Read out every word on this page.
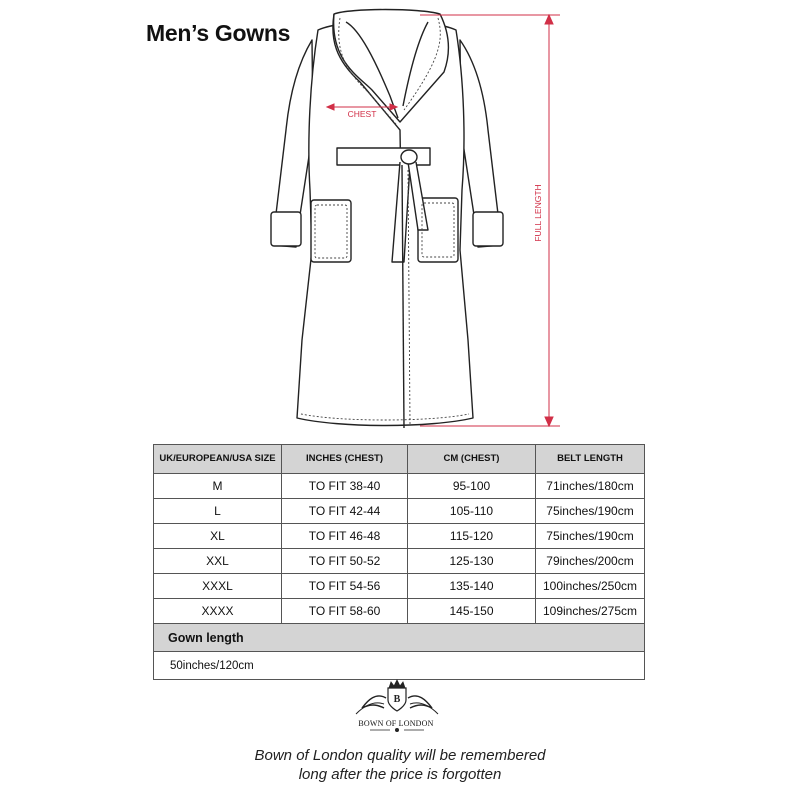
Men’s Gowns
CHEST
FULL LENGTH
UK/EUROPEAN/USA SIZE	INCHES (CHEST)	CM (CHEST)	BELT LENGTH
M	TO FIT 38-40	95-100	71inches/180cm
L	TO FIT 42-44	105-110	75inches/190cm
XL	TO FIT 46-48	115-120	75inches/190cm
XXL	TO FIT 50-52	125-130	79inches/200cm
XXXL	TO FIT 54-56	135-140	100inches/250cm
XXXX	TO FIT 58-60	145-150	109inches/275cm
Gown length			
50inches/120cm			
B
BOWN OF LONDON
Bown of London quality will be remembered
long after the price is forgotten
